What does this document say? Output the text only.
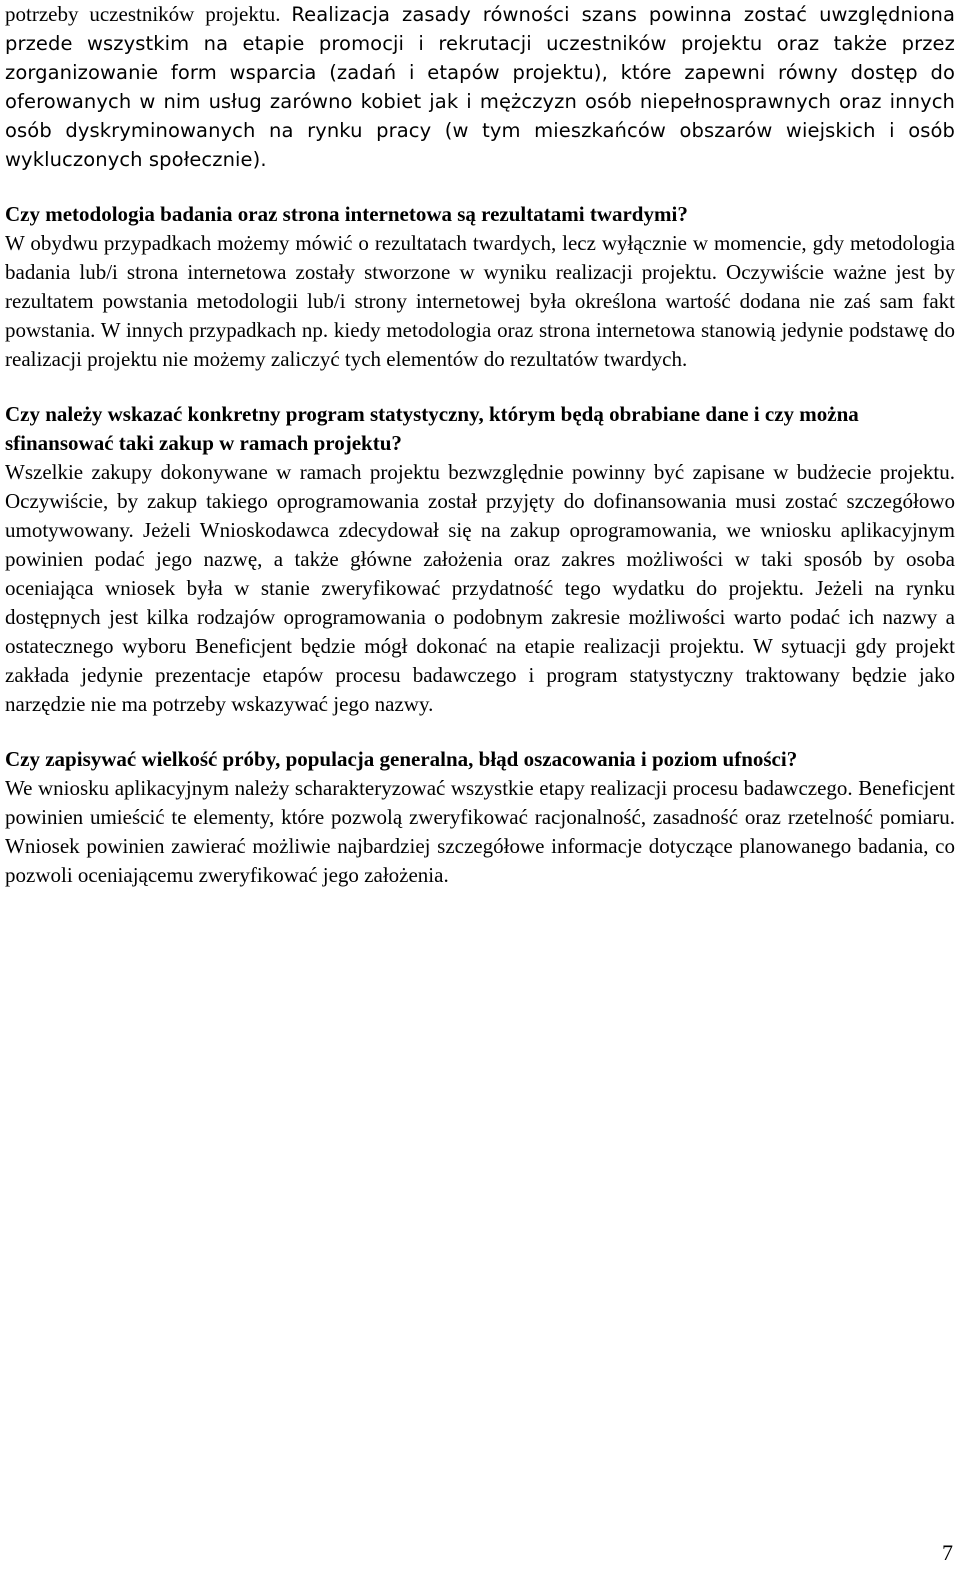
potrzeby uczestników projektu. Realizacja zasady równości szans powinna zostać uwzględniona przede wszystkim na etapie promocji i rekrutacji uczestników projektu oraz także przez zorganizowanie form wsparcia (zadań i etapów projektu), które zapewni równy dostęp do oferowanych w nim usług zarówno kobiet jak i mężczyzn osób niepełnosprawnych oraz innych osób dyskryminowanych na rynku pracy (w tym mieszkańców obszarów wiejskich i osób wykluczonych społecznie).

Czy metodologia badania oraz strona internetowa są rezultatami twardymi?

W obydwu przypadkach możemy mówić o rezultatach twardych, lecz wyłącznie w momencie, gdy metodologia badania lub/i strona internetowa zostały stworzone w wyniku realizacji projektu. Oczywiście ważne jest by rezultatem powstania metodologii lub/i strony internetowej była określona wartość dodana nie zaś sam fakt powstania. W innych przypadkach np. kiedy metodologia oraz strona internetowa stanowią jedynie podstawę do realizacji projektu nie możemy zaliczyć tych elementów do rezultatów twardych.

Czy należy wskazać konkretny program statystyczny, którym będą obrabiane dane i czy można sfinansować taki zakup w ramach projektu?

Wszelkie zakupy dokonywane w ramach projektu bezwzględnie powinny być zapisane w budżecie projektu. Oczywiście, by zakup takiego oprogramowania został przyjęty do dofinansowania musi zostać szczegółowo umotywowany. Jeżeli Wnioskodawca zdecydował się na zakup oprogramowania, we wniosku aplikacyjnym powinien podać jego nazwę, a także główne założenia oraz zakres możliwości w taki sposób by osoba oceniająca wniosek była w stanie zweryfikować przydatność tego wydatku do projektu. Jeżeli na rynku dostępnych jest kilka rodzajów oprogramowania o podobnym zakresie możliwości warto podać ich nazwy a ostatecznego wyboru Beneficjent będzie mógł dokonać na etapie realizacji projektu. W sytuacji gdy projekt zakłada jedynie prezentacje etapów procesu badawczego i program statystyczny traktowany będzie jako narzędzie nie ma potrzeby wskazywać jego nazwy.

Czy zapisywać wielkość próby, populacja generalna, błąd oszacowania i poziom ufności?

We wniosku aplikacyjnym należy scharakteryzować wszystkie etapy realizacji procesu badawczego. Beneficjent powinien umieścić te elementy, które pozwolą zweryfikować racjonalność, zasadność oraz rzetelność pomiaru. Wniosek powinien zawierać możliwie najbardziej szczegółowe informacje dotyczące planowanego badania, co pozwoli oceniającemu zweryfikować jego założenia.

7
